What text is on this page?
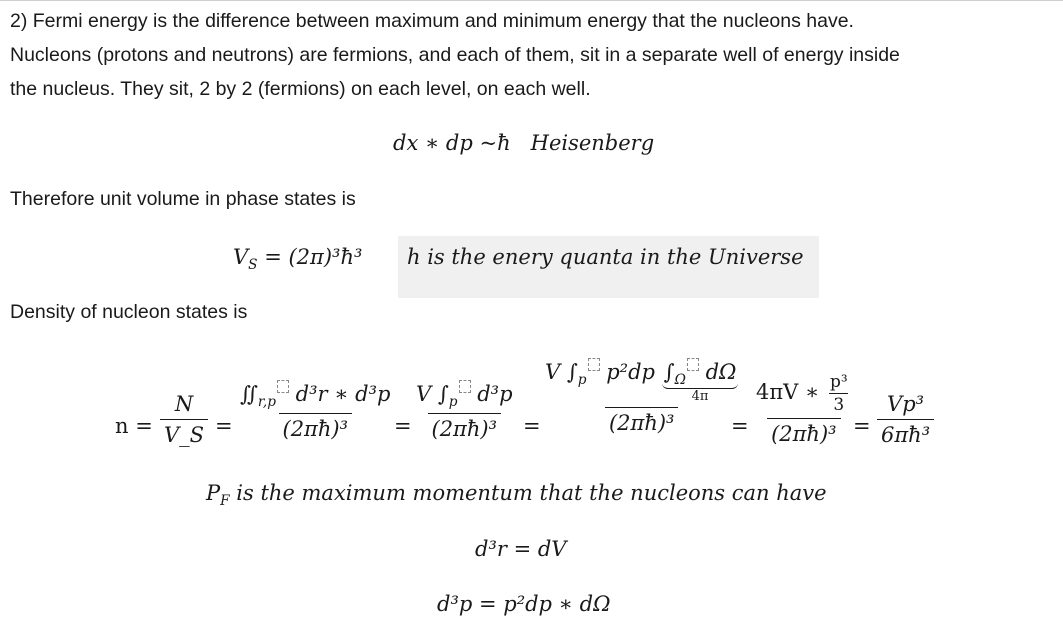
2) Fermi energy is the difference between maximum and minimum energy that the nucleons have.
Nucleons (protons and neutrons) are fermions, and each of them, sit in a separate well of energy inside
the nucleus. They sit, 2 by 2 (fermions) on each level, on each well.
dx ∗ dp ~ħ Heisenberg
Therefore unit volume in phase states is
$V_S$ = (2π)³ħ³ h is the enery quanta in the Universe
Density of nucleon states is
$n = \frac{N}{V\_S} = \frac{∬_{r,p} d^3r ∗ d^3p}{\text{(2πħ)³}} = \frac{V \int_p d^3p}{\text{(2πħ)³}} = V$ $\int_p$ p²dp $\int_\Omega$ dΩ
4π
(2πħ)³
= $\frac{4\pi V ∗ \frac{\text{p³}}{3}}{\text{(2πħ)³}}$
= $\frac{\text{Vp³}}{\text{6πħ³}}$
$P_F$ is the maximum momentum that the nucleons can have
d³r = dV
d³p = p²dp ∗ dΩ
